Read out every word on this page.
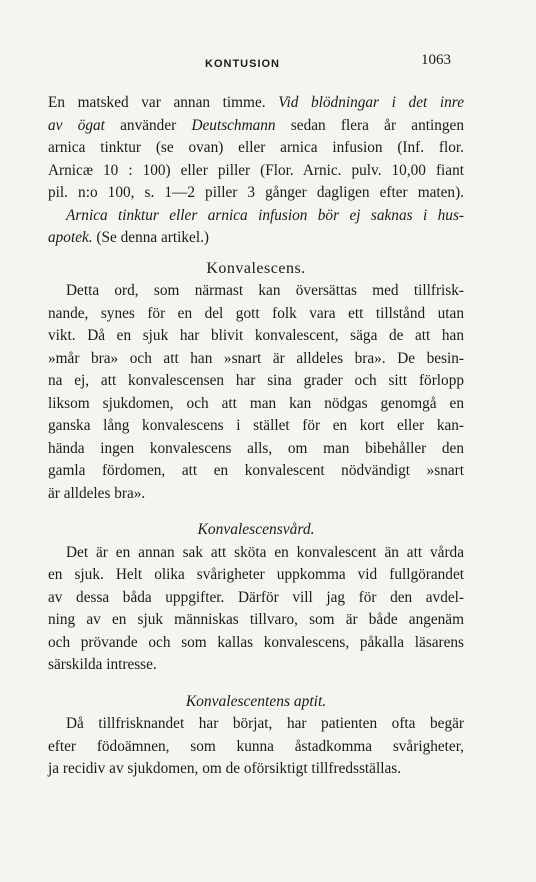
KONTUSION	1063
En matsked var annan timme. Vid blödningar i det inre
av ögat använder Deutschmann sedan flera år antingen
arnica tinktur (se ovan) eller arnica infusion (Inf. flor.
Arnicæ 10 : 100) eller piller (Flor. Arnic. pulv. 10,00 fiant
pil. n:o 100, s. 1—2 piller 3 gånger dagligen efter maten).
Arnica tinktur eller arnica infusion bör ej saknas i hus-
apotek. (Se denna artikel.)
Konvalescens.
Detta ord, som närmast kan översättas med tillfrisk-
nande, synes för en del gott folk vara ett tillstånd utan
vikt. Då en sjuk har blivit konvalescent, säga de att han
»mår bra» och att han »snart är alldeles bra». De besin-
na ej, att konvalescensen har sina grader och sitt förlopp
liksom sjukdomen, och att man kan nödgas genomgå en
ganska lång konvalescens i stället för en kort eller kan-
hända ingen konvalescens alls, om man bibehåller den
gamla fördomen, att en konvalescent nödvändigt »snart
är alldeles bra».
Konvalescensvård.
Det är en annan sak att sköta en konvalescent än att vårda
en sjuk. Helt olika svårigheter uppkomma vid fullgörandet
av dessa båda uppgifter. Därför vill jag för den avdel-
ning av en sjuk människas tillvaro, som är både angenäm
och prövande och som kallas konvalescens, påkalla läsarens
särskilda intresse.
Konvalescentens aptit.
Då tillfrisknandet har börjat, har patienten ofta begär
efter födoämnen, som kunna åstadkomma svårigheter,
ja recidiv av sjukdomen, om de oförsiktigt tillfredsställas.
